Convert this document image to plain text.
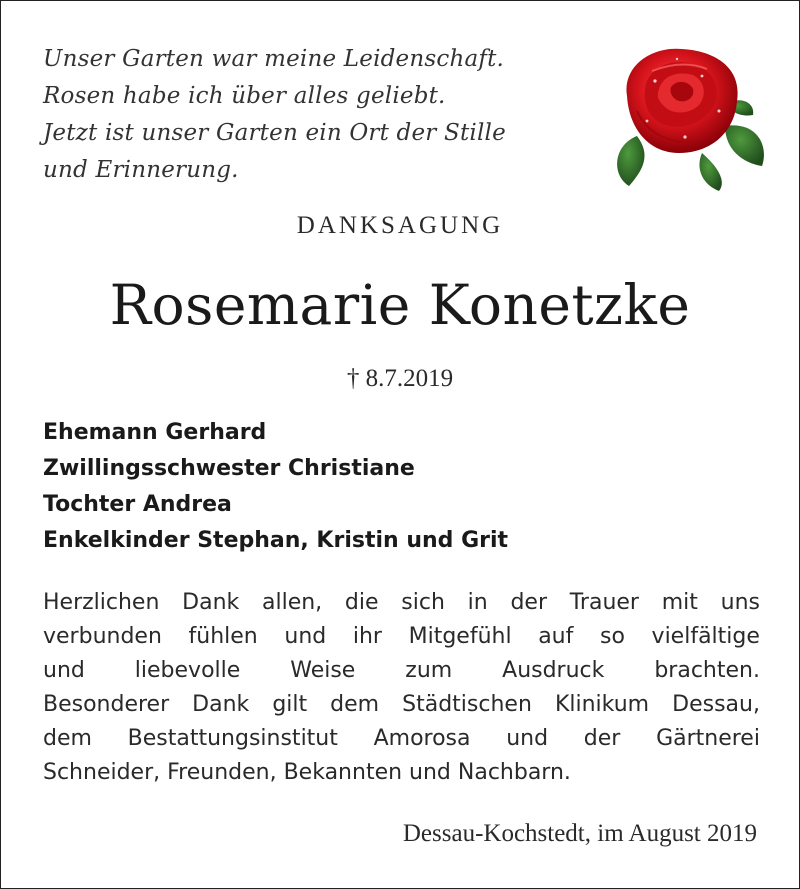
Unser Garten war meine Leidenschaft.
Rosen habe ich über alles geliebt.
Jetzt ist unser Garten ein Ort der Stille
und Erinnerung.

DANKSAGUNG
Rosemarie Konetzke
† 8.7.2019
Ehemann Gerhard
Zwillingsschwester Christiane
Tochter Andrea
Enkelkinder Stephan, Kristin und Grit
Herzlichen Dank allen, die sich in der Trauer mit uns
verbunden fühlen und ihr Mitgefühl auf so vielfältige
und liebevolle Weise zum Ausdruck brachten.
Besonderer Dank gilt dem Städtischen Klinikum Dessau,
dem Bestattungsinstitut Amorosa und der Gärtnerei
Schneider, Freunden, Bekannten und Nachbarn.
Dessau-Kochstedt, im August 2019
